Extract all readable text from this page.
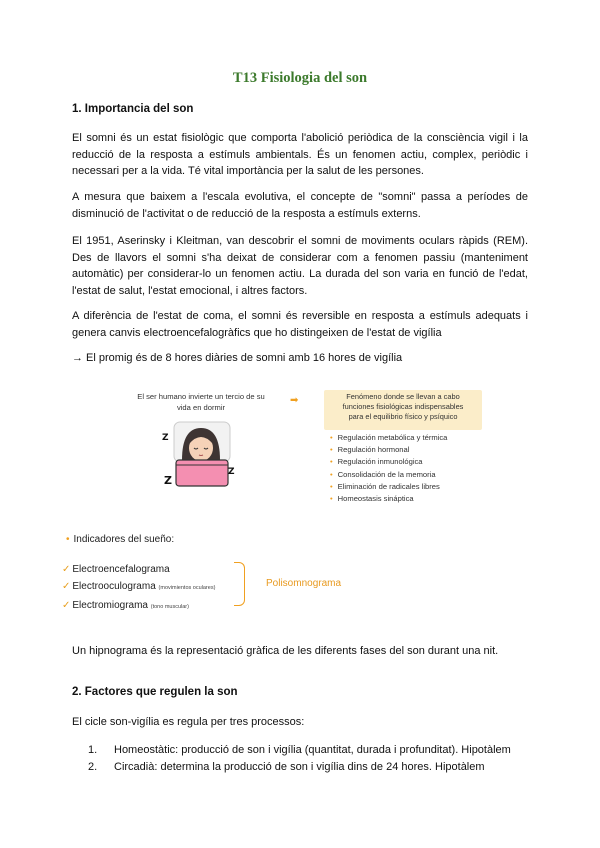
T13 Fisiologia del son
1. Importancia del son
El somni és un estat fisiològic que comporta l'abolició periòdica de la consciència vigil i la
reducció de la resposta a estímuls ambientals. És un fenomen actiu, complex, periòdic i
necessari per a la vida. Té vital importància per la salut de les persones.
A mesura que baixem a l'escala evolutiva, el concepte de "somni" passa a períodes de
disminució de l'activitat o de reducció de la resposta a estímuls externs.
El 1951, Aserinsky i Kleitman, van descobrir el somni de moviments oculars ràpids (REM).
Des de llavors el somni s'ha deixat de considerar com a fenomen passiu (manteniment
automàtic) per considerar-lo un fenomen actiu. La durada del son varia en funció de l'edat,
l'estat de salut, l'estat emocional, i altres factors.
A diferència de l'estat de coma, el somni és reversible en resposta a estímuls adequats i
genera canvis electroencefalogràfics que ho distingeixen de l'estat de vigília
→ El promig és de 8 hores diàries de somni amb 16 hores de vigília
El ser humano invierte un tercio de su
vida en dormir
➡	Fenómeno donde se llevan a cabo
funciones fisiológicas indispensables
para el equilibrio físico y psíquico
• Regulación metabólica y térmica
• Regulación hormonal
• Regulación inmunológica
• Consolidación de la memoria
• Eliminación de radicales libres
• Homeostasis sináptica
Z
Z
Z
• Indicadores del sueño:
✓ Electroencefalograma
✓ Electrooculograma (movimientos oculares)
✓ Electromiograma (tono muscular)
Polisomnograma
Un hipnograma és la representació gràfica de les diferents fases del son durant una nit.
2. Factores que regulen la son
El cicle son-vigília es regula per tres processos:
1. Homeostàtic: producció de son i vigília (quantitat, durada i profunditat). Hipotàlem
2. Circadià: determina la producció de son i vigília dins de 24 hores. Hipotàlem
